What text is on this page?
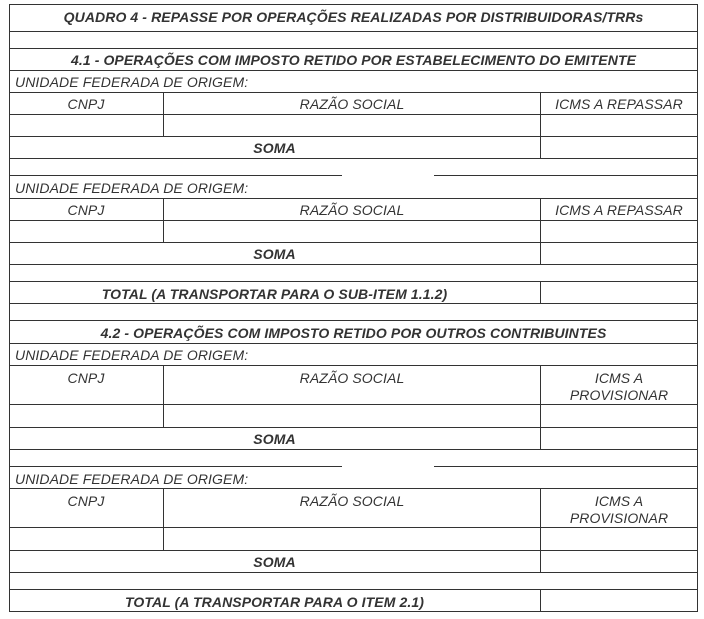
QUADRO 4 - REPASSE POR OPERAÇÕES REALIZADAS POR DISTRIBUIDORAS/TRRs
4.1 - OPERAÇÕES COM IMPOSTO RETIDO POR ESTABELECIMENTO DO EMITENTE
UNIDADE FEDERADA DE ORIGEM:
CNPJ	RAZÃO SOCIAL	ICMS A REPASSAR
SOMA
UNIDADE FEDERADA DE ORIGEM:
CNPJ	RAZÃO SOCIAL	ICMS A REPASSAR
SOMA
TOTAL (A TRANSPORTAR PARA O SUB-ITEM 1.1.2)
4.2 - OPERAÇÕES COM IMPOSTO RETIDO POR OUTROS CONTRIBUINTES
UNIDADE FEDERADA DE ORIGEM:
CNPJ	RAZÃO SOCIAL	ICMS A
PROVISIONAR
SOMA
UNIDADE FEDERADA DE ORIGEM:
CNPJ	RAZÃO SOCIAL	ICMS A
PROVISIONAR
SOMA
TOTAL (A TRANSPORTAR PARA O ITEM 2.1)
